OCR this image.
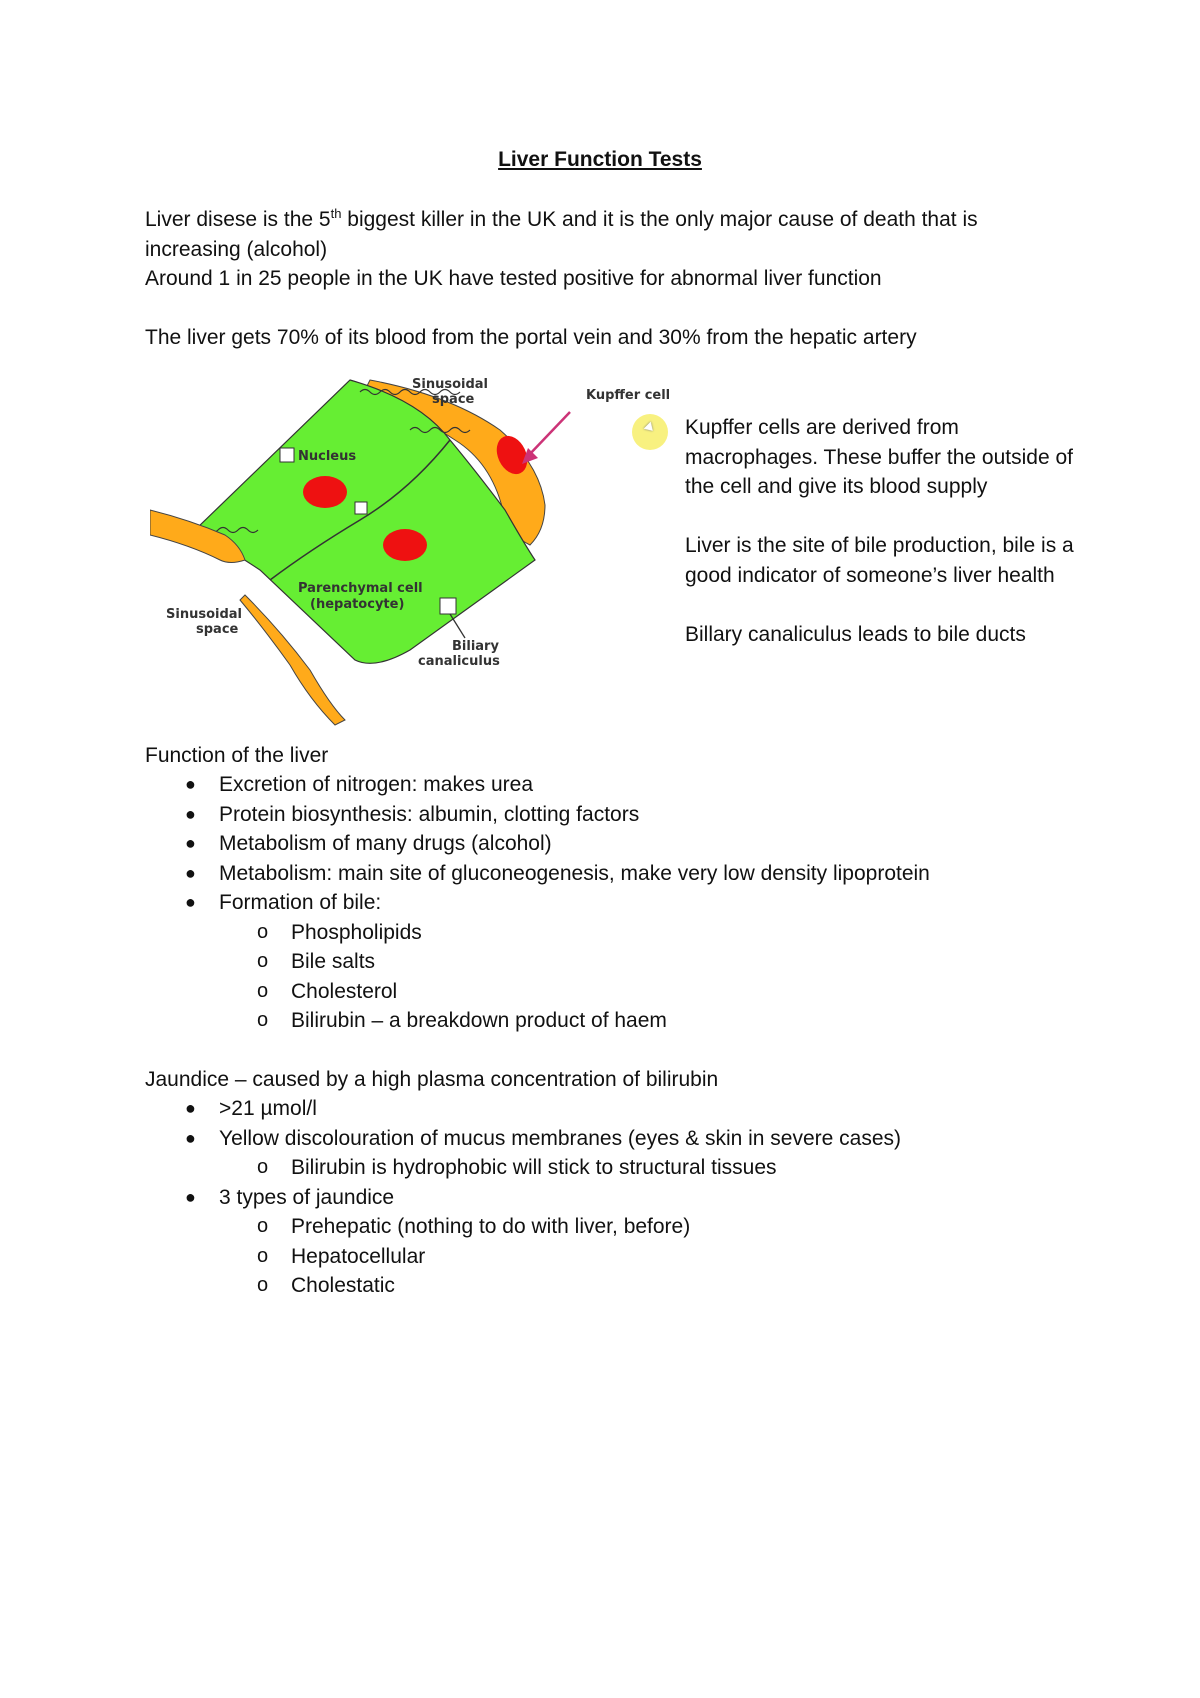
Liver Function Tests
Liver disese is the 5th biggest killer in the UK and it is the only major cause of death that is increasing (alcohol)
Around 1 in 25 people in the UK have tested positive for abnormal liver function
The liver gets 70% of its blood from the portal vein and 30% from the hepatic artery
Sinusoidal
space	Kupffer cell
Nucleus
Parenchymal cell
(hepatocyte)
Sinusoidal
space
Biliary
canaliculus

Kupffer cells are derived from macrophages. These buffer the outside of the cell and give its blood supply

Liver is the site of bile production, bile is a good indicator of someone’s liver health

Billary canaliculus leads to bile ducts

Function of the liver
● Excretion of nitrogen: makes urea
● Protein biosynthesis: albumin, clotting factors
● Metabolism of many drugs (alcohol)
● Metabolism: main site of gluconeogenesis, make very low density lipoprotein
● Formation of bile:
o Phospholipids
o Bile salts
o Cholesterol
o Bilirubin – a breakdown product of haem
Jaundice – caused by a high plasma concentration of bilirubin
● >21 µmol/l
● Yellow discolouration of mucus membranes (eyes & skin in severe cases)
o Bilirubin is hydrophobic will stick to structural tissues
● 3 types of jaundice
o Prehepatic (nothing to do with liver, before)
o Hepatocellular
o Cholestatic
